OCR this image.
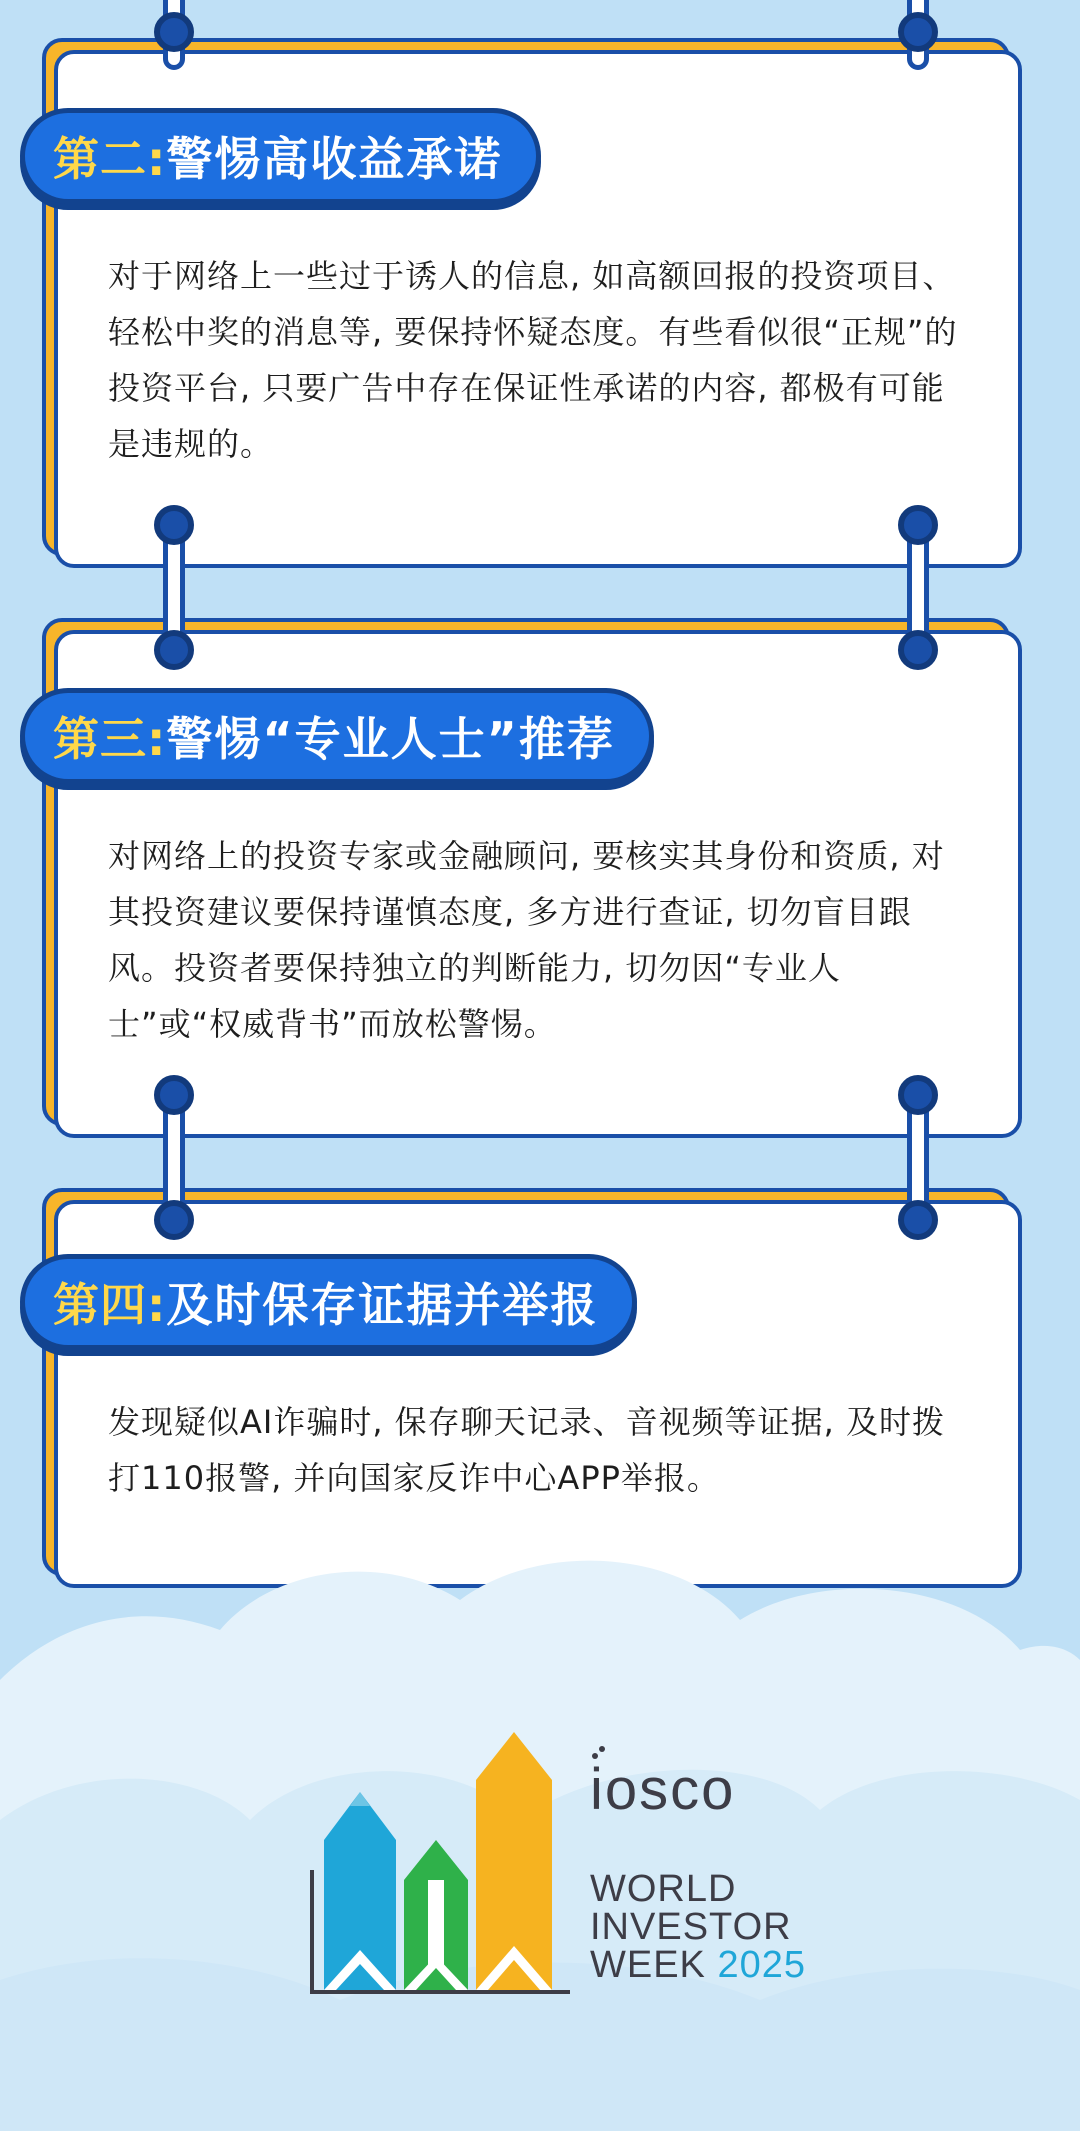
第二: 警惕高收益承诺
对于网络上一些过于诱人的信息, 如高额回报的投资项目、轻松中奖的消息等, 要保持怀疑态度。有些看似很“正规”的投资平台, 只要广告中存在保证性承诺的内容, 都极有可能是违规的。
第三: 警惕“专业人士”推荐
对网络上的投资专家或金融顾问, 要核实其身份和资质, 对其投资建议要保持谨慎态度, 多方进行查证, 切勿盲目跟风。投资者要保持独立的判断能力, 切勿因“专业人士”或“权威背书”而放松警惕。
第四: 及时保存证据并举报
发现疑似AI诈骗时, 保存聊天记录、音视频等证据, 及时拨打110报警, 并向国家反诈中心APP举报。
iosco
WORLD
INVESTOR
WEEK 2025
